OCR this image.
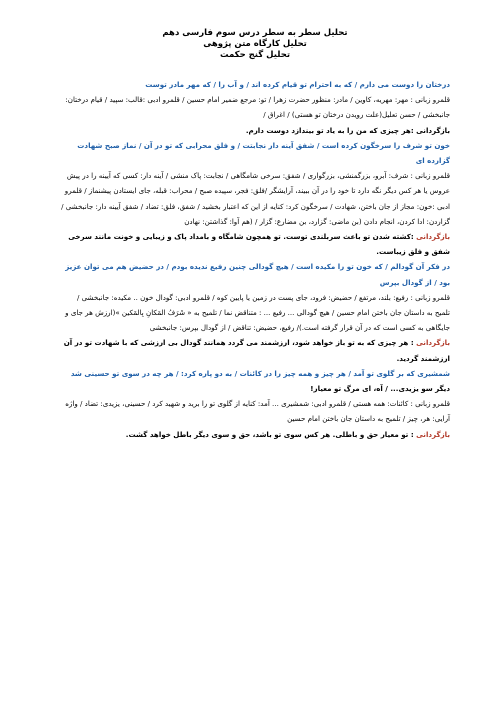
تحلیل سطر به سطر درس سوم فارسی دهم
تحلیل کارگاه متن پژوهی
تحلیل گنج حکمت

درختان را دوست می دارم / که به احترام تو قیام کرده اند / و آب را / که مهر مادر توست

قلمرو زبانی : مهر: مهریه، کاوین / مادر: منظور حضرت زهرا / تو: مرجع ضمیر امام حسین / قلمرو ادبی :قالب: سپید / قیام درختان: جانبخشی / حسن تعلیل(علت رویدن درختان تو هستی) / اغراق /

بازگردانی :هر چیزی که من را به یاد تو بیندازد دوست دارم.

خون تو شرف را سرخگون کرده است / شفق آینه دار نجابتت / و فلق محرابی که تو در آن / نماز صبح شهادت گزارده ای

قلمرو زبانی : شرف: آبرو، بزرگمنشی، بزرگواری / شفق: سرخی شامگاهی / نجابت: پاک منشی / آینه دار: کسی که آیینه را در پیش عروس یا هر کس دیگر نگه دارد تا خود را در آن ببیند، آرایشگر /فلق: فجر، سپیده صبح / محراب: قبله، جای ایستادن پیشنماز / قلمرو ادبی :خون: مجاز از جان باختن، شهادت / سرخگون کرد: کنایه از این که اعتبار بخشید / شفق، فلق: تضاد / شفق آیینه دار: جانبخشی / گزاردن: ادا کردن، انجام دادن (بن ماضی: گزارد، بن مضارع: گزار / (هم آوا: گذاشتن: نهادن

بازگردانی :کشته شدن تو باعث سربلندی توست. تو همچون شامگاه و بامداد پاک و زیبایی و خونت مانند سرخی شفق و فلق زیباست.

در فکر آن گودالم / که خون تو را مکیده است / هیچ گودالی چنین رفیع ندیده بودم / در حضیض هم می توان عزیز بود / از گودال بپرس

قلمرو زبانی : رفیع: بلند، مرتفع / حضیض: فرود، جای پست در زمین یا پایین کوه / قلمرو ادبی: گودال خون .. مکیده: جانبخشی / تلمیح به داستان جان باختن امام حسین / هیچ گودالی ... رفیع ... : متناقض نما / تلمیح به « شَرَفُ المَکانِ بِالمَکین »(ارزش هر جای و جایگاهی به کسی است که در آن قرار گرفته است.)/ رفیع، حضیض: تناقض / از گودال بپرس: جانبخشی

بازگردانی : هر چیزی که به تو باز خواهد شود، ارزشمند می گردد همانند گودال بی ارزشی که با شهادت تو در آن ارزشمند گردید.

شمشیری که بر گلوی تو آمد / هر چیز و همه چیز را در کائنات / به دو پاره کرد: / هر چه در سوی تو حسینی شد

دیگر سو یزیدی... / آه، ای مرگ تو معیار!

قلمرو زبانی : کائنات: همه هستی / قلمرو ادبی: شمشیری ... آمد: کنایه از گلوی تو را برید و شهید کرد / حسینی، یزیدی: تضاد / واژه آرایی: هر، چیز / تلمیح به داستان جان باختن امام حسین

بازگردانی : تو معیار حق و باطلی. هر کس سوی تو باشد، حق و سوی دیگر باطل خواهد گشت.
